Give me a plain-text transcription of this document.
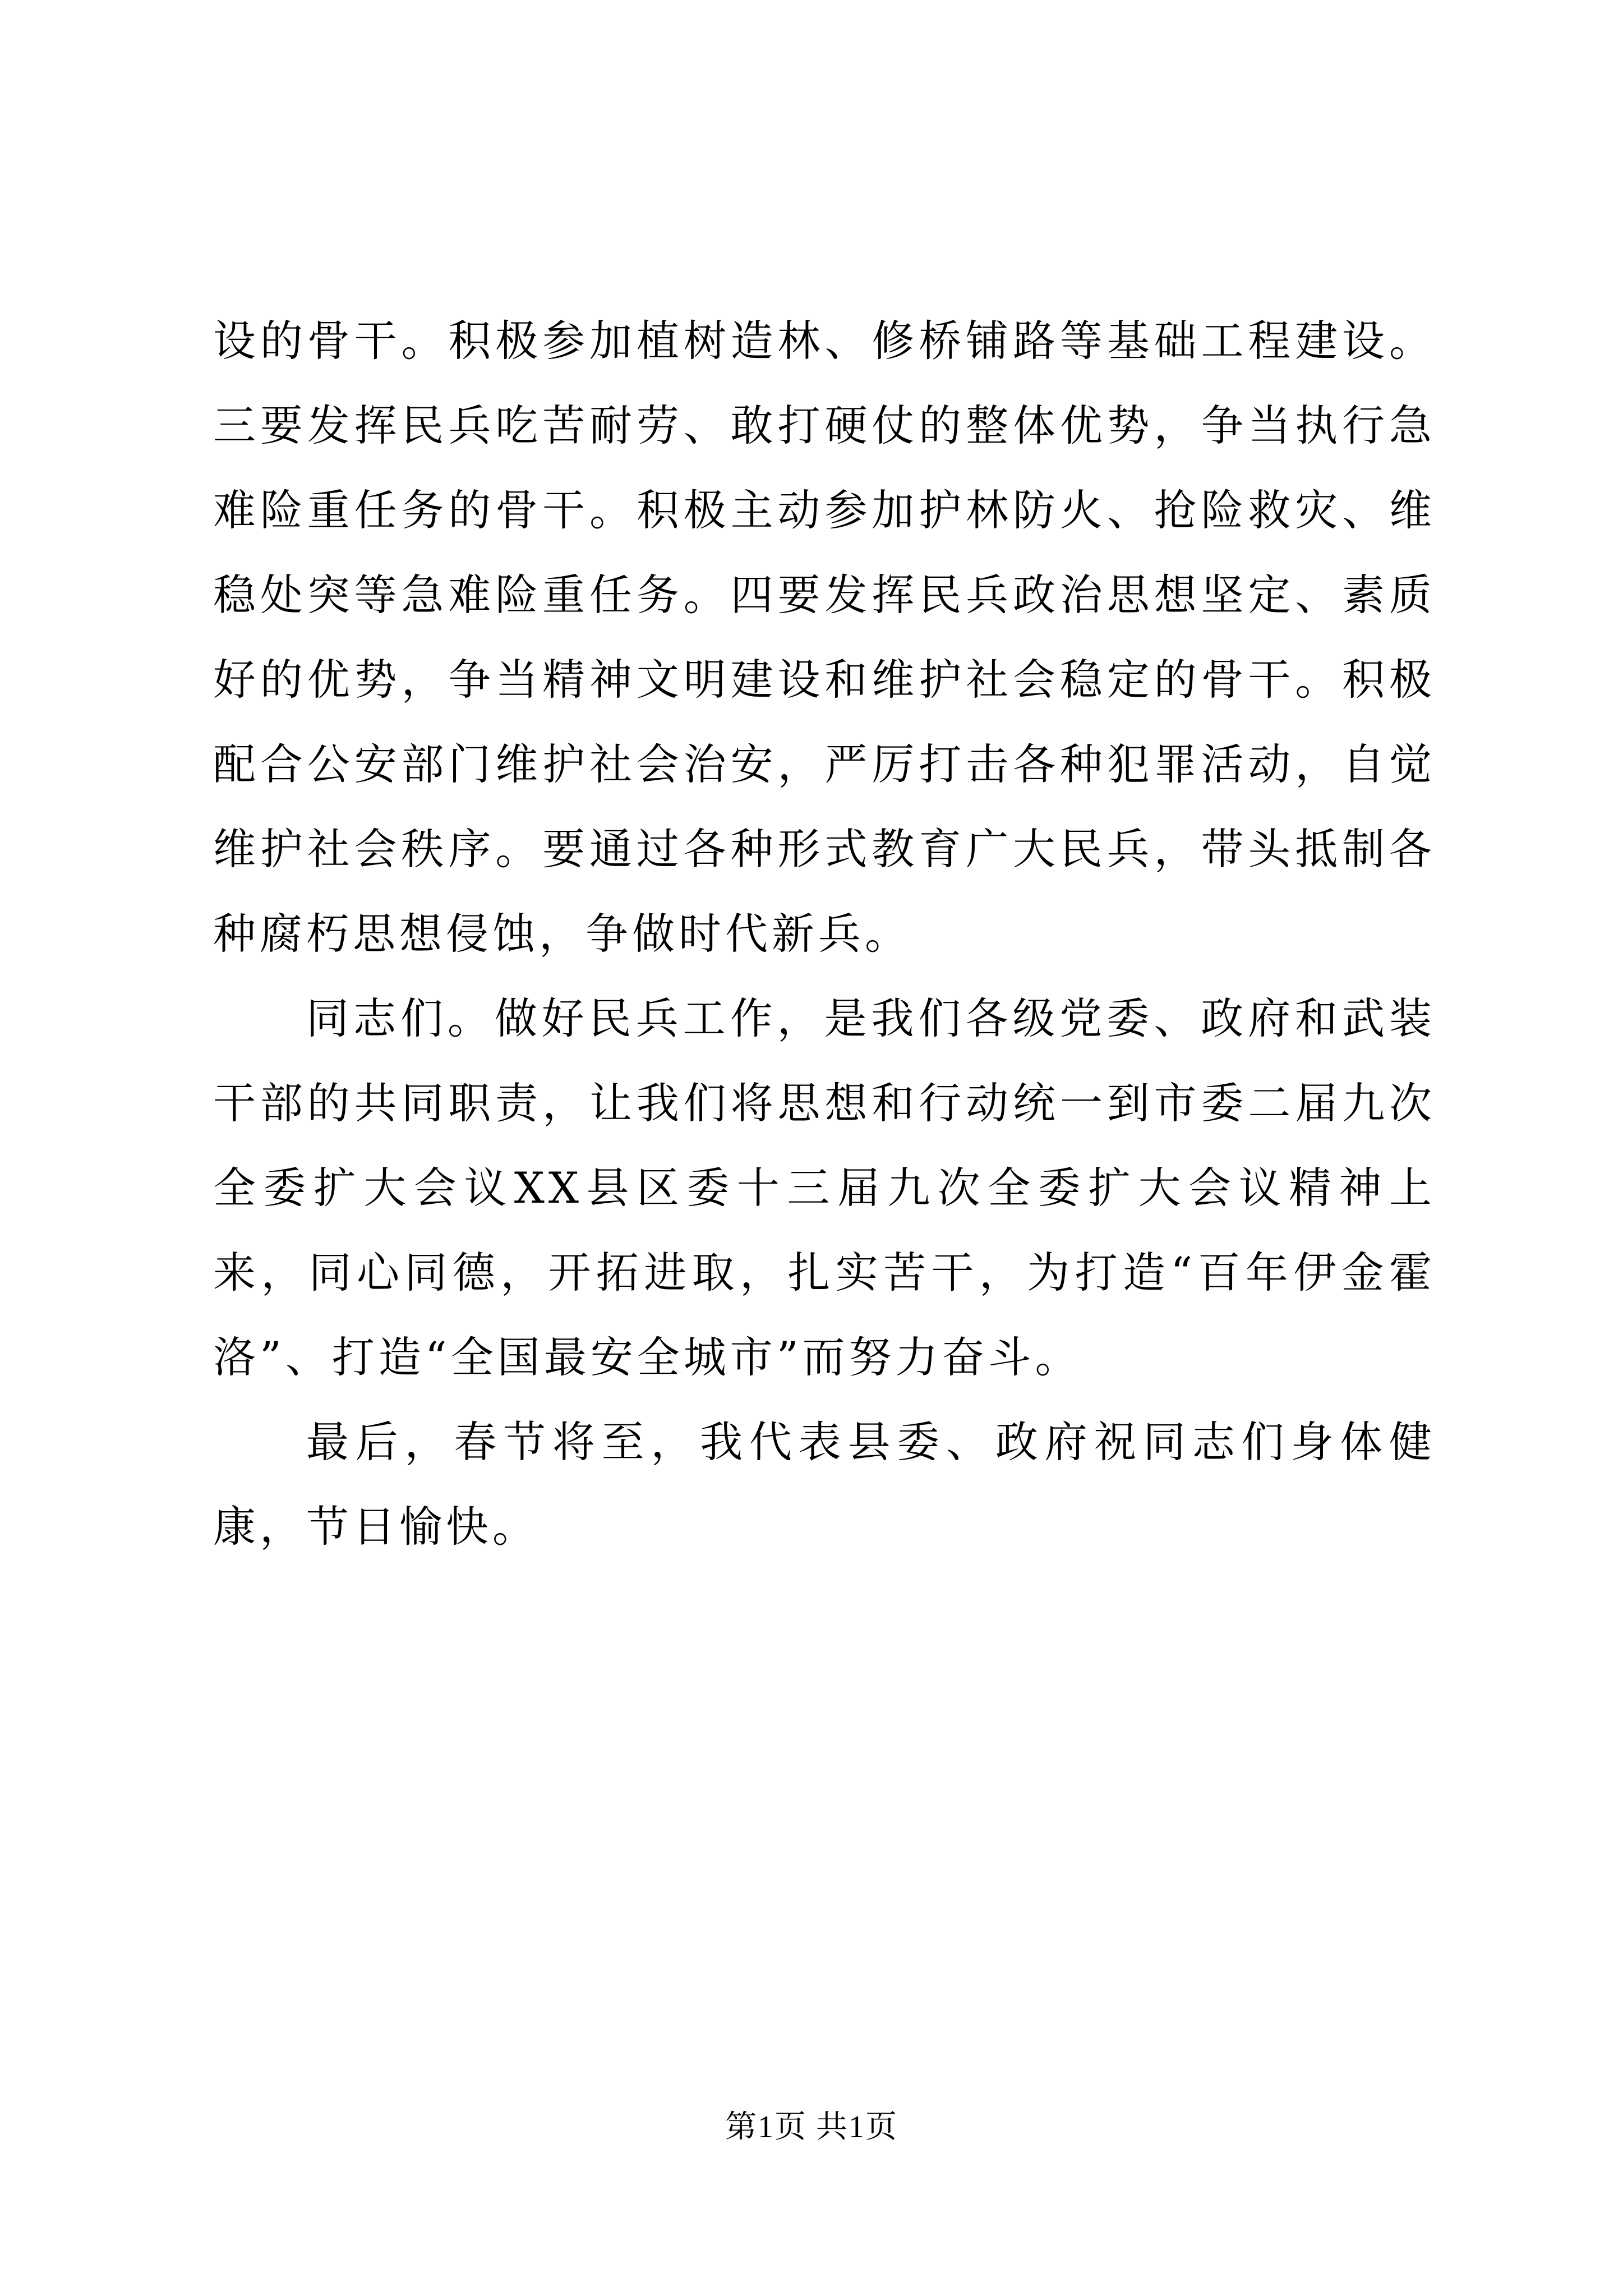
设的骨干。积极参加植树造林、修桥铺路等基础工程建设。三要发挥民兵吃苦耐劳、敢打硬仗的整体优势，争当执行急难险重任务的骨干。积极主动参加护林防火、抢险救灾、维稳处突等急难险重任务。四要发挥民兵政治思想坚定、素质好的优势，争当精神文明建设和维护社会稳定的骨干。积极配合公安部门维护社会治安，严厉打击各种犯罪活动，自觉维护社会秩序。要通过各种形式教育广大民兵，带头抵制各种腐朽思想侵蚀，争做时代新兵。

同志们。做好民兵工作，是我们各级党委、政府和武装干部的共同职责，让我们将思想和行动统一到市委二届九次全委扩大会议XX县区委十三届九次全委扩大会议精神上来，同心同德，开拓进取，扎实苦干，为打造“百年伊金霍洛”、打造“全国最安全城市”而努力奋斗。

最后，春节将至，我代表县委、政府祝同志们身体健康，节日愉快。

第1页 共1页
